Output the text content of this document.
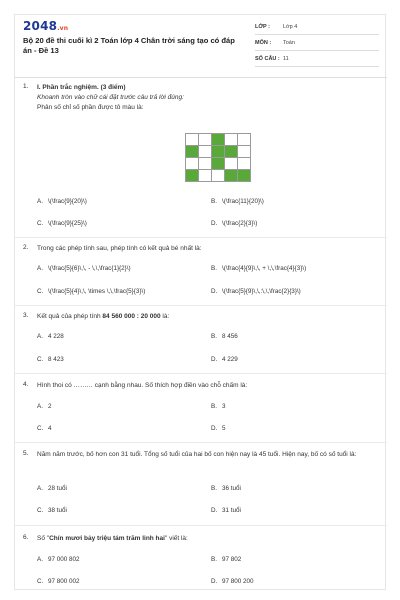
2048.vn
Bộ 20 đề thi cuối kì 2 Toán lớp 4 Chân trời sáng tạo có đáp án - Đề 13
LỚP : Lớp 4
MÔN : Toán
SỐ CÂU : 11
1. I. Phần trắc nghiệm. (3 điểm)
Khoanh tròn vào chữ cái đặt trước câu trả lời đúng:
Phân số chỉ số phần được tô màu là:
A. \(\frac{9}{20}\)	B. \(\frac{11}{20}\)
C. \(\frac{9}{25}\)	D. \(\frac{2}{3}\)
2. Trong các phép tính sau, phép tính có kết quả bé nhất là:
A. \(\frac{5}{6}\,\, - \,\,\frac{1}{2}\)	B. \(\frac{4}{9}\,\, + \,\,\frac{4}{3}\)
C. \(\frac{5}{4}\,\, \times \,\,\frac{5}{3}\)	D. \(\frac{5}{9}\,\,:\,\,\frac{2}{3}\)
3. Kết quả của phép tính 84 560 000 : 20 000 là:
A. 4 228	B. 8 456
C. 8 423	D. 4 229
4. Hình thoi có ……… cạnh bằng nhau. Số thích hợp điền vào chỗ chấm là:
A. 2	B. 3
C. 4	D. 5
5. Năm năm trước, bố hơn con 31 tuổi. Tổng số tuổi của hai bố con hiện nay là 45 tuổi. Hiện nay, bố có số tuổi là:
A. 28 tuổi	B. 36 tuổi
C. 38 tuổi	D. 31 tuổi
6. Số "Chín mươi bảy triệu tám trăm linh hai" viết là:
A. 97 000 802	B. 97 802
C. 97 800 002	D. 97 800 200
